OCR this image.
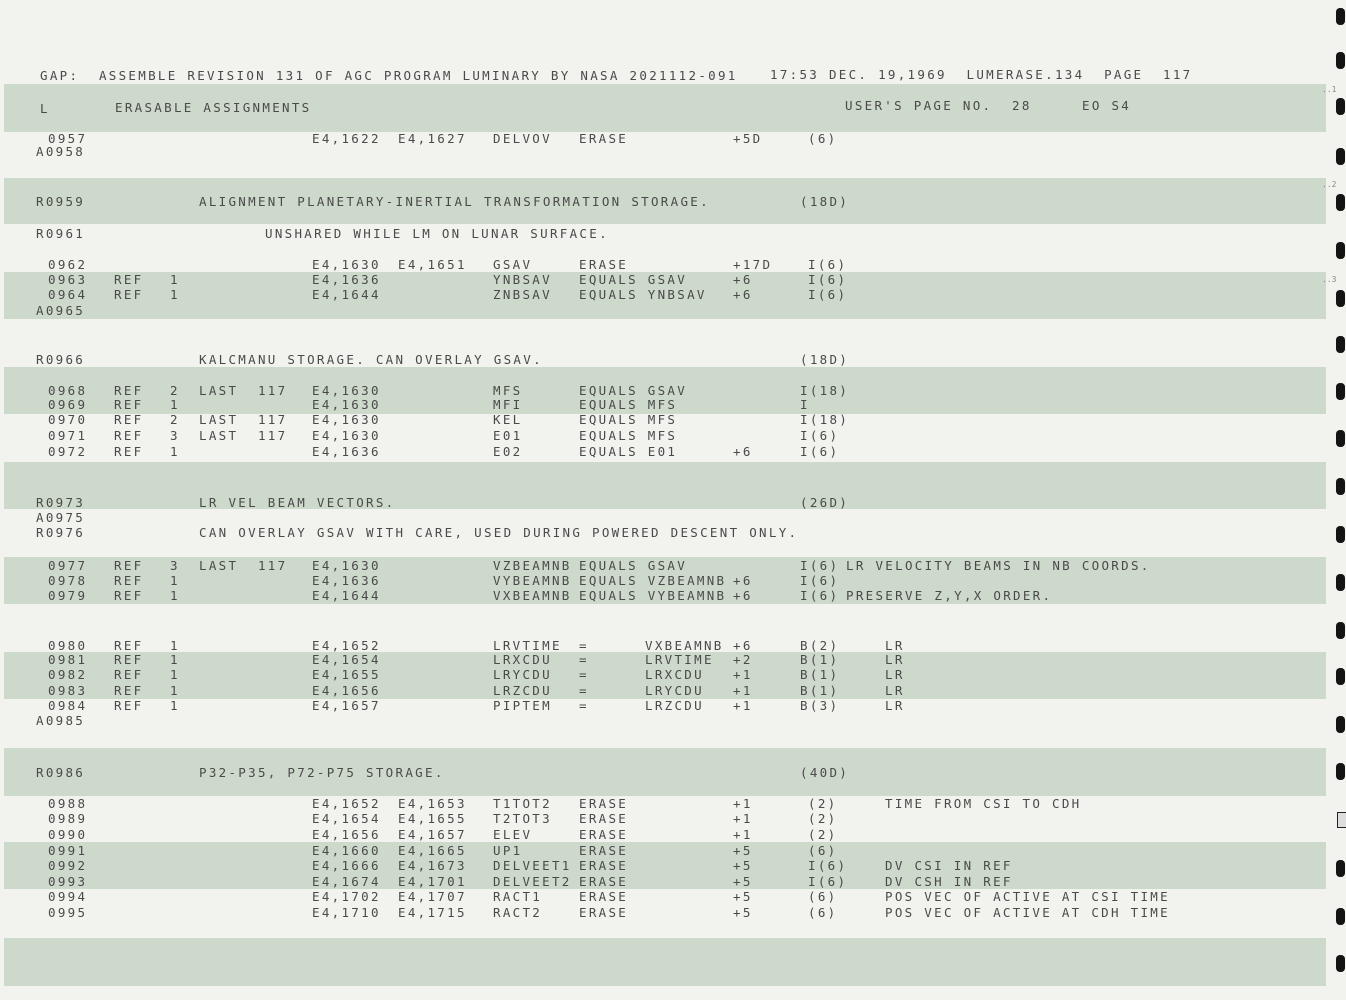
..1
..2
..3
GAP:  ASSEMBLE REVISION 131 OF AGC PROGRAM LUMINARY BY NASA 2021112-091	17:53 DEC. 19,1969  LUMERASE.134  PAGE  117
L	ERASABLE ASSIGNMENTS	USER'S PAGE NO.  28	EO S4
0957	E4,1622 E4,1627 DELVOV ERASE	+5D	(6)
A0958
R0959	ALIGNMENT PLANETARY-INERTIAL TRANSFORMATION STORAGE.	(18D)
R0961	UNSHARED WHILE LM ON LUNAR SURFACE.
0962	E4,1630 E4,1651 GSAV	ERASE	+17D	I(6)
0963 REF 1	E4,1636	YNBSAV EQUALS GSAV	+6	I(6)
0964 REF 1	E4,1644	ZNBSAV EQUALS YNBSAV +6	I(6)
A0965
R0966	KALCMANU STORAGE. CAN OVERLAY GSAV.	(18D)
0968 REF 2 LAST  117 E4,1630	MFS	EQUALS GSAV	I(18)
0969 REF 1	E4,1630	MFI	EQUALS MFS	I
0970 REF 2 LAST  117 E4,1630	KEL	EQUALS MFS	I(18)
0971 REF 3 LAST  117 E4,1630	E01	EQUALS MFS	I(6)
0972 REF 1	E4,1636	E02	EQUALS E01	+6	I(6)
R0973	LR VEL BEAM VECTORS.	(26D)
A0975
R0976	CAN OVERLAY GSAV WITH CARE, USED DURING POWERED DESCENT ONLY.
0977 REF 3 LAST  117 E4,1630	VZBEAMNB EQUALS GSAV	I(6) LR VELOCITY BEAMS IN NB COORDS.
0978 REF 1	E4,1636	VYBEAMNB EQUALS VZBEAMNB +6	I(6)
0979 REF 1	E4,1644	VXBEAMNB EQUALS VYBEAMNB +6	I(6) PRESERVE Z,Y,X ORDER.
0980 REF 1	E4,1652	LRVTIME =	VXBEAMNB +6	B(2)	LR
0981 REF 1	E4,1654	LRXCDU =	LRVTIME +2	B(1)	LR
0982 REF 1	E4,1655	LRYCDU =	LRXCDU +1	B(1)	LR
0983 REF 1	E4,1656	LRZCDU =	LRYCDU +1	B(1)	LR
0984 REF 1	E4,1657	PIPTEM =	LRZCDU +1	B(3)	LR
A0985
R0986	P32-P35, P72-P75 STORAGE.	(40D)
0988	E4,1652 E4,1653 T1TOT2 ERASE	+1	(2)	TIME FROM CSI TO CDH
0989	E4,1654 E4,1655 T2TOT3 ERASE	+1	(2)
0990	E4,1656 E4,1657 ELEV	ERASE	+1	(2)
0991	E4,1660 E4,1665 UP1	ERASE	+5	(6)
0992	E4,1666 E4,1673 DELVEET1 ERASE	+5	I(6)	DV CSI IN REF
0993	E4,1674 E4,1701 DELVEET2 ERASE	+5	I(6)	DV CSH IN REF
0994	E4,1702 E4,1707 RACT1	ERASE	+5	(6)	POS VEC OF ACTIVE AT CSI TIME
0995	E4,1710 E4,1715 RACT2	ERASE	+5	(6)	POS VEC OF ACTIVE AT CDH TIME
